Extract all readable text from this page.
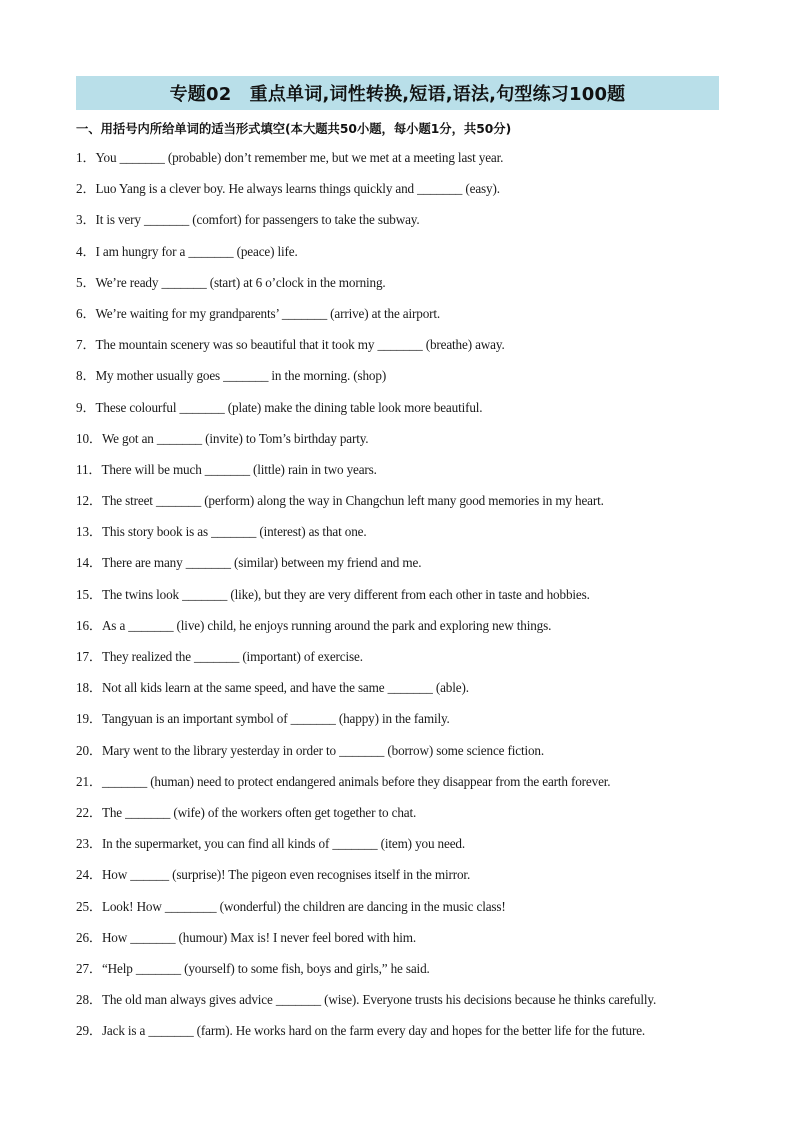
专题02　重点单词,词性转换,短语,语法,句型练习100题
一、用括号内所给单词的适当形式填空(本大题共50小题，每小题1分，共50分)
1．You _______ (probable) don’t remember me, but we met at a meeting last year.
2．Luo Yang is a clever boy. He always learns things quickly and _______ (easy).
3．It is very _______ (comfort) for passengers to take the subway.
4．I am hungry for a _______ (peace) life.
5．We’re ready _______ (start) at 6 o’clock in the morning.
6．We’re waiting for my grandparents’ _______ (arrive) at the airport.
7．The mountain scenery was so beautiful that it took my _______ (breathe) away.
8．My mother usually goes _______ in the morning. (shop)
9．These colourful _______ (plate) make the dining table look more beautiful.
10．We got an _______ (invite) to Tom’s birthday party.
11．There will be much _______ (little) rain in two years.
12．The street _______ (perform) along the way in Changchun left many good memories in my heart.
13．This story book is as _______ (interest) as that one.
14．There are many _______ (similar) between my friend and me.
15．The twins look _______ (like), but they are very different from each other in taste and hobbies.
16．As a _______ (live) child, he enjoys running around the park and exploring new things.
17．They realized the _______ (important) of exercise.
18．Not all kids learn at the same speed, and have the same _______ (able).
19．Tangyuan is an important symbol of _______ (happy) in the family.
20．Mary went to the library yesterday in order to _______ (borrow) some science fiction.
21．_______ (human) need to protect endangered animals before they disappear from the earth forever.
22．The _______ (wife) of the workers often get together to chat.
23．In the supermarket, you can find all kinds of _______ (item) you need.
24．How ______ (surprise)! The pigeon even recognises itself in the mirror.
25．Look! How ________ (wonderful) the children are dancing in the music class!
26．How _______ (humour) Max is! I never feel bored with him.
27．“Help _______ (yourself) to some fish, boys and girls,” he said.
28．The old man always gives advice _______ (wise). Everyone trusts his decisions because he thinks carefully.
29．Jack is a _______ (farm). He works hard on the farm every day and hopes for the better life for the future.
